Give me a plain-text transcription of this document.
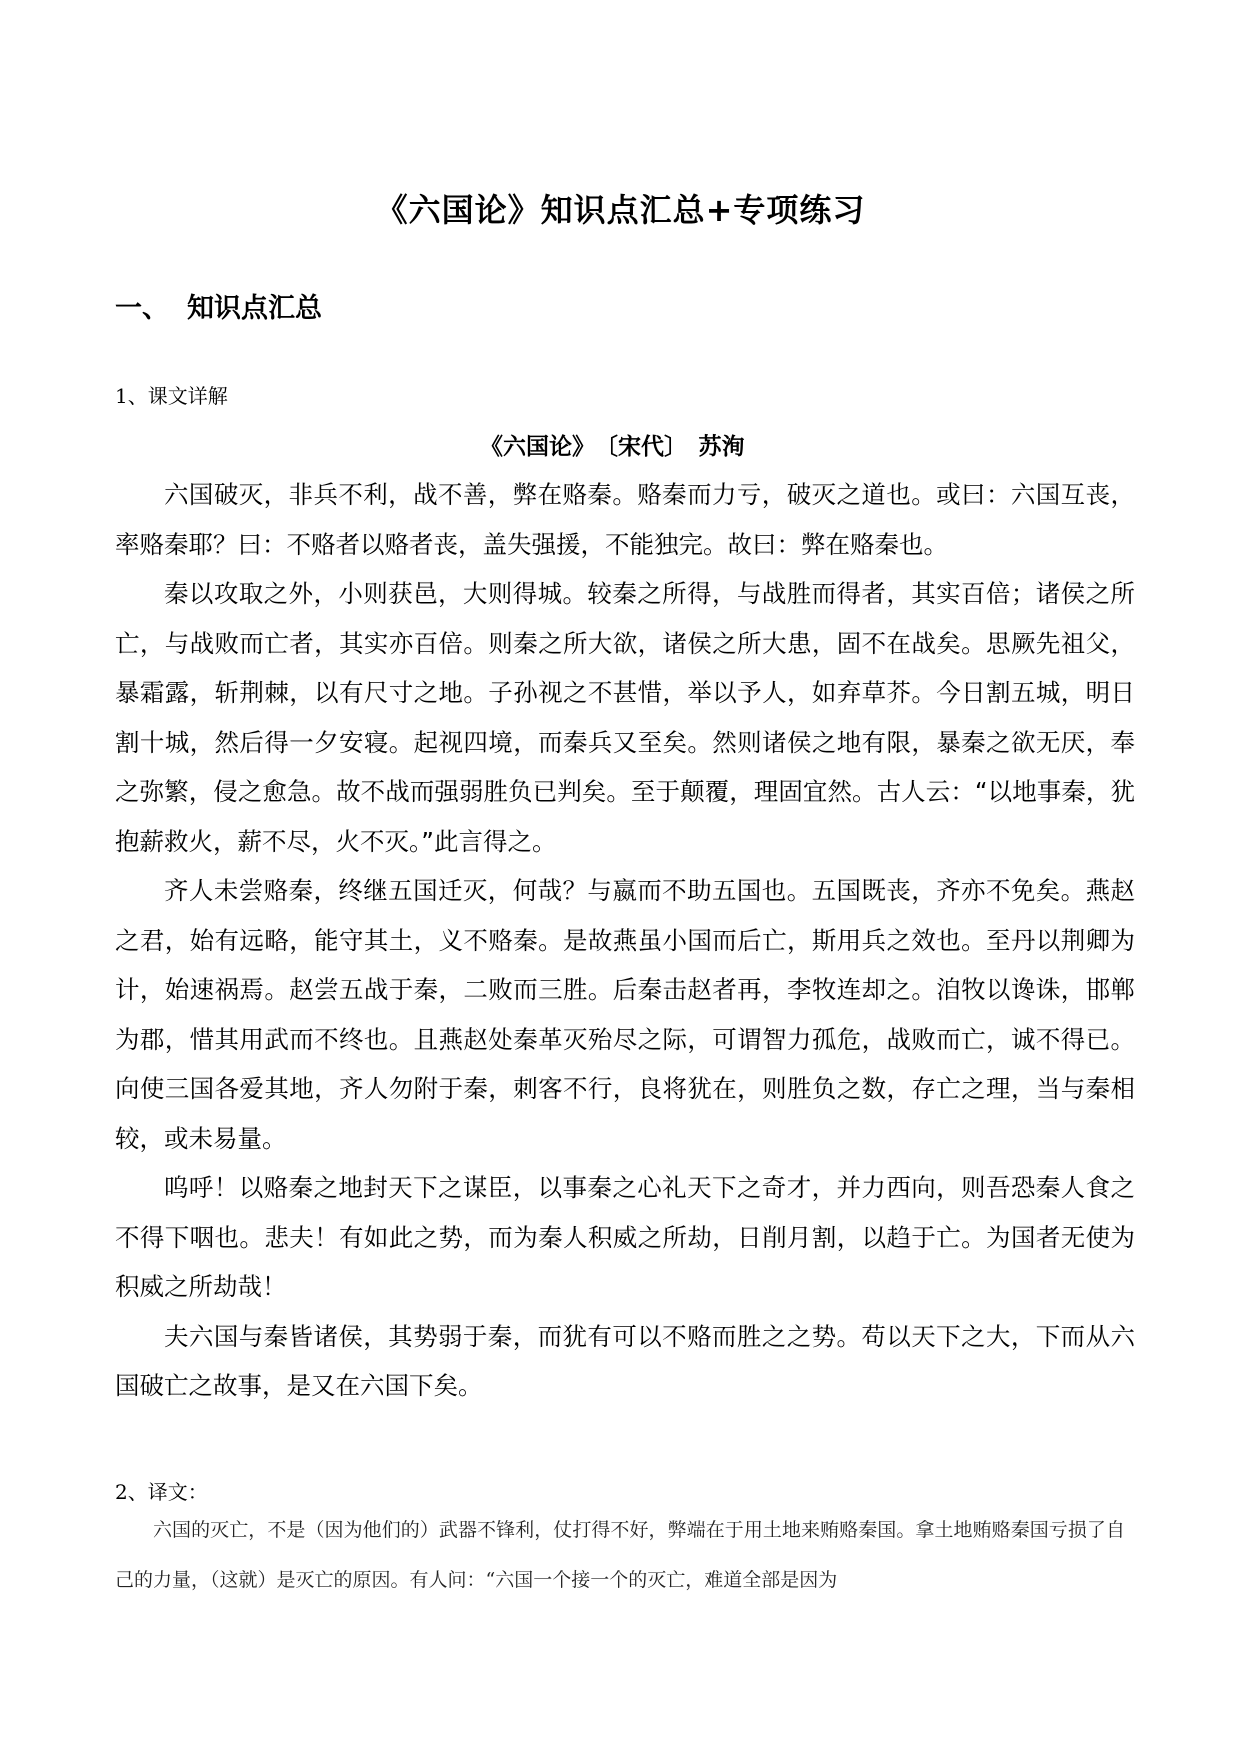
《六国论》知识点汇总+专项练习
一、 知识点汇总
1、课文详解
《六国论》　〔宋代〕　苏洵

六国破灭，非兵不利，战不善，弊在赂秦。赂秦而力亏，破灭之道也。或曰：六国互丧，率赂秦耶？曰：不赂者以赂者丧，盖失强援，不能独完。故曰：弊在赂秦也。

秦以攻取之外，小则获邑，大则得城。较秦之所得，与战胜而得者，其实百倍；诸侯之所亡，与战败而亡者，其实亦百倍。则秦之所大欲，诸侯之所大患，固不在战矣。思厥先祖父，暴霜露，斩荆棘，以有尺寸之地。子孙视之不甚惜，举以予人，如弃草芥。今日割五城，明日割十城，然后得一夕安寝。起视四境，而秦兵又至矣。然则诸侯之地有限，暴秦之欲无厌，奉之弥繁，侵之愈急。故不战而强弱胜负已判矣。至于颠覆，理固宜然。古人云：“以地事秦，犹抱薪救火，薪不尽，火不灭。”此言得之。

齐人未尝赂秦，终继五国迁灭，何哉？与嬴而不助五国也。五国既丧，齐亦不免矣。燕赵之君，始有远略，能守其土，义不赂秦。是故燕虽小国而后亡，斯用兵之效也。至丹以荆卿为计，始速祸焉。赵尝五战于秦，二败而三胜。后秦击赵者再，李牧连却之。洎牧以谗诛，邯郸为郡，惜其用武而不终也。且燕赵处秦革灭殆尽之际，可谓智力孤危，战败而亡，诚不得已。向使三国各爱其地，齐人勿附于秦，刺客不行，良将犹在，则胜负之数，存亡之理，当与秦相较，或未易量。

呜呼！以赂秦之地封天下之谋臣，以事秦之心礼天下之奇才，并力西向，则吾恐秦人食之不得下咽也。悲夫！有如此之势，而为秦人积威之所劫，日削月割，以趋于亡。为国者无使为积威之所劫哉！

夫六国与秦皆诸侯，其势弱于秦，而犹有可以不赂而胜之之势。苟以天下之大，下而从六国破亡之故事，是又在六国下矣。

2、译文：

六国的灭亡，不是（因为他们的）武器不锋利，仗打得不好，弊端在于用土地来贿赂秦国。拿土地贿赂秦国亏损了自己的力量，（这就）是灭亡的原因。有人问：“六国一个接一个的灭亡，难道全部是因为
